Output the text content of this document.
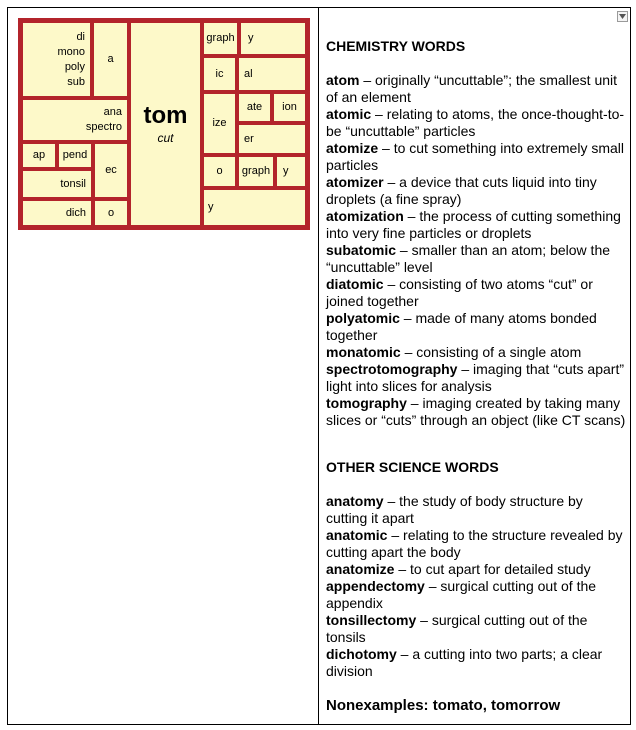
di
mono
poly
sub
a
ana
spectro
ap pend
ec
tonsil
dich o
tom
cut
graph y
ic al
ize
ate ion
er
o graph y
y

CHEMISTRY WORDS

atom – originally “uncuttable”; the smallest unit of an element

atomic – relating to atoms, the once-thought-to-be “uncuttable” particles

atomize – to cut something into extremely small particles

atomizer – a device that cuts liquid into tiny droplets (a fine spray)

atomization – the process of cutting something into very fine particles or droplets

subatomic – smaller than an atom; below the “uncuttable” level

diatomic – consisting of two atoms “cut” or joined together

polyatomic – made of many atoms bonded together

monatomic – consisting of a single atom

spectrotomography – imaging that “cuts apart” light into slices for analysis

tomography – imaging created by taking many slices or “cuts” through an object (like CT scans)

OTHER SCIENCE WORDS

anatomy – the study of body structure by cutting it apart

anatomic – relating to the structure revealed by cutting apart the body

anatomize – to cut apart for detailed study

appendectomy – surgical cutting out of the appendix

tonsillectomy – surgical cutting out of the tonsils

dichotomy – a cutting into two parts; a clear division

Nonexamples: tomato, tomorrow
